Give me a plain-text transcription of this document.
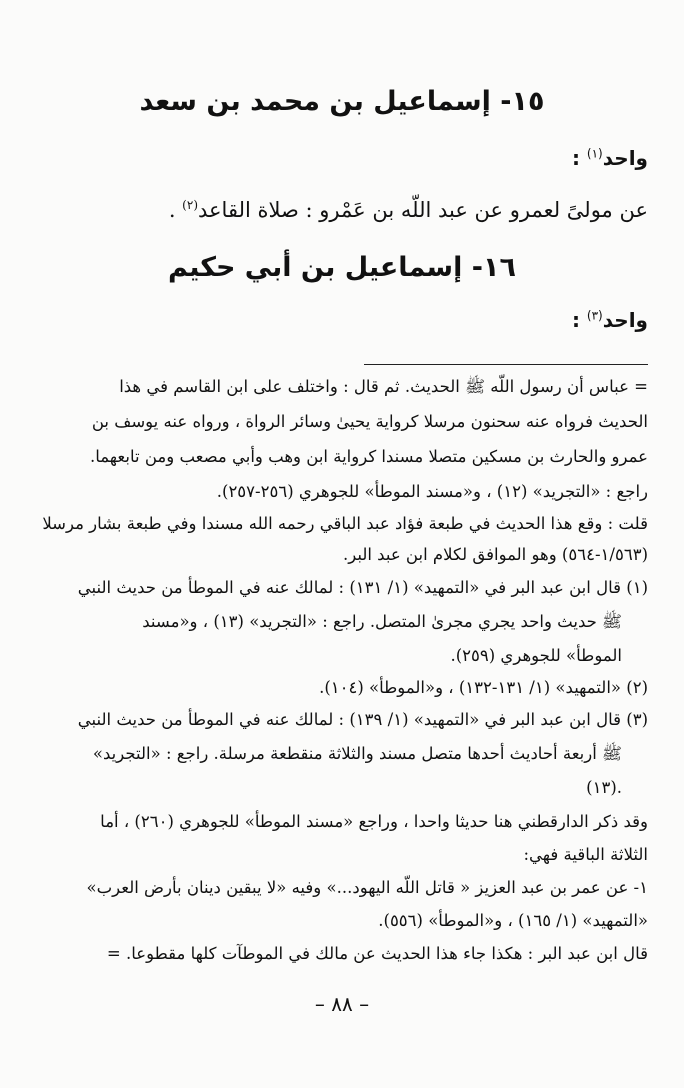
١٥- إسماعيل بن محمد بن سعد
واحد$^{(١)}$ :
عن مولىً لعمرو عن عبد اللّه بن عَمْرو : صلاة القاعد$^{(٢)}$ .
١٦- إسماعيل بن أبي حكيم
واحد$^{(٣)}$ :
= عباس أن رسول اللّه ﷺ الحديث. ثم قال : واختلف على ابن القاسم في هذا
الحديث فرواه عنه سحنون مرسلا كرواية يحيىٰ وسائر الرواة ، ورواه عنه يوسف بن
عمرو والحارث بن مسكين متصلا مسندا كرواية ابن وهب وأبي مصعب ومن تابعهما.
راجع : «التجريد» (١٢) ، و«مسند الموطأ» للجوهري (٢٥٦-٢٥٧).
قلت : وقع هذا الحديث في طبعة فؤاد عبد الباقي رحمه الله مسندا وفي طبعة بشار مرسلا
(١/٥٦٣-٥٦٤) وهو الموافق لكلام ابن عبد البر.
(١) قال ابن عبد البر في «التمهيد» (١/ ١٣١) : لمالك عنه في الموطأ من حديث النبي
ﷺ حديث واحد يجري مجرىٰ المتصل. راجع : «التجريد» (١٣) ، و«مسند
الموطأ» للجوهري (٢٥٩).
(٢) «التمهيد» (١/ ١٣١-١٣٢) ، و«الموطأ» (١٠٤).
(٣) قال ابن عبد البر في «التمهيد» (١/ ١٣٩) : لمالك عنه في الموطأ من حديث النبي
ﷺ أربعة أحاديث أحدها متصل مسند والثلاثة منقطعة مرسلة. راجع : «التجريد»
(١٣).
وقد ذكر الدارقطني هنا حديثا واحدا ، وراجع «مسند الموطأ» للجوهري (٢٦٠) ، أما
الثلاثة الباقية فهي:
١- عن عمر بن عبد العزيز « قاتل اللّه اليهود...» وفيه «لا يبقين دينان بأرض العرب»
«التمهيد» (١/ ١٦٥) ، و«الموطأ» (٥٥٦).
قال ابن عبد البر : هكذا جاء هذا الحديث عن مالك في الموطآت كلها مقطوعا. =
– ٨٨ –
